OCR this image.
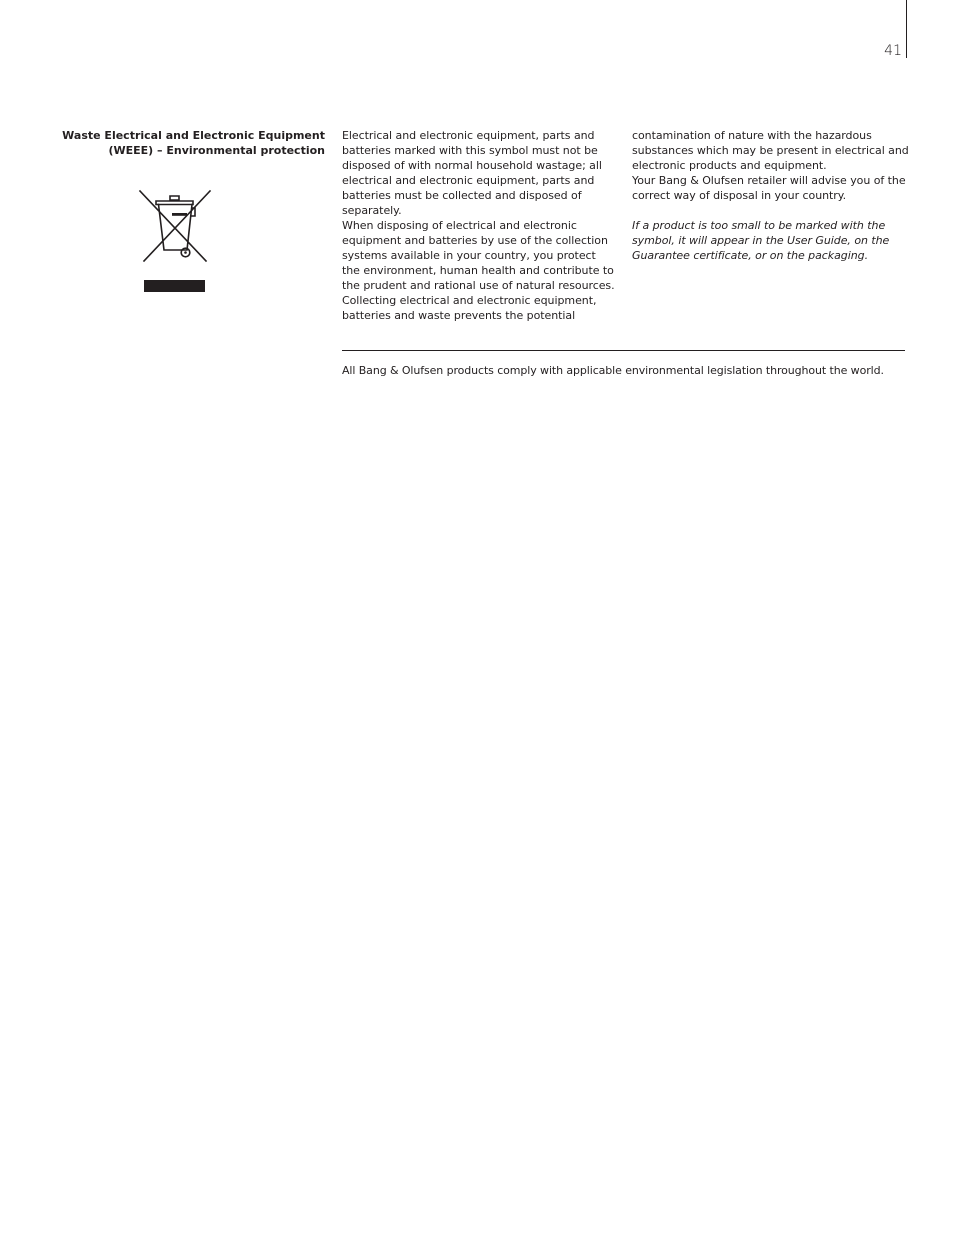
41
Waste Electrical and Electronic Equipment
(WEEE) – Environmental protection

Electrical and electronic equipment, parts and batteries marked with this symbol must not be disposed of with normal household wastage; all electrical and electronic equipment, parts and batteries must be collected and disposed of separately.

When disposing of electrical and electronic equipment and batteries by use of the collection systems available in your country, you protect the environment, human health and contribute to the prudent and rational use of natural resources.

Collecting electrical and electronic equipment, batteries and waste prevents the potential

contamination of nature with the hazardous substances which may be present in electrical and electronic products and equipment.

Your Bang & Olufsen retailer will advise you of the correct way of disposal in your country.

If a product is too small to be marked with the symbol, it will appear in the User Guide, on the Guarantee certificate, or on the packaging.

All Bang & Olufsen products comply with applicable environmental legislation throughout the world.
